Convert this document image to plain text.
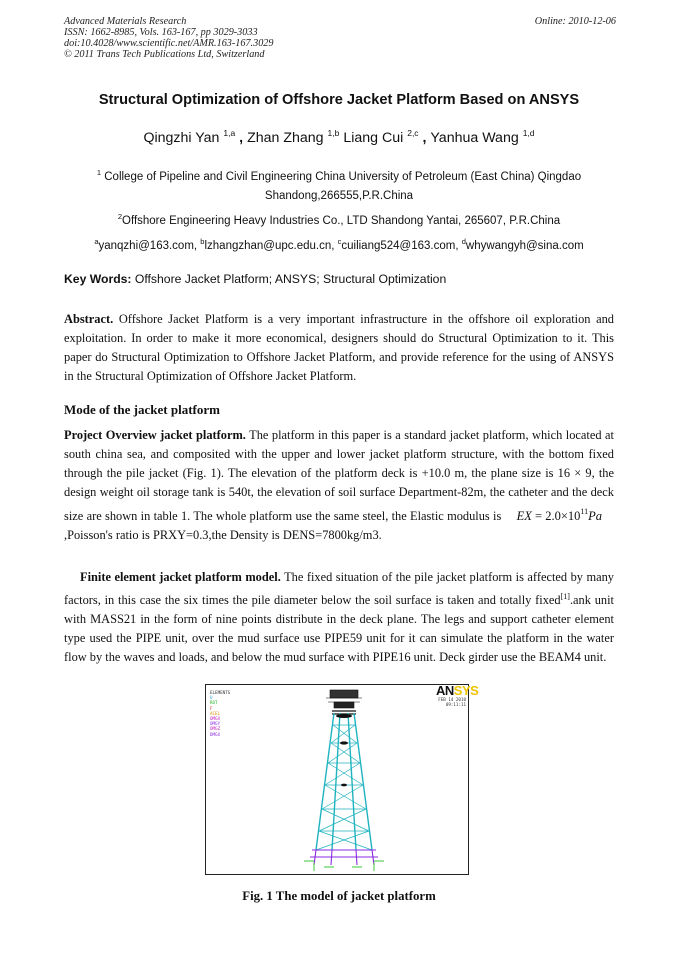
Advanced Materials Research
ISSN: 1662-8985, Vols. 163-167, pp 3029-3033
doi:10.4028/www.scientific.net/AMR.163-167.3029
© 2011 Trans Tech Publications Ltd, Switzerland
Online: 2010-12-06
Structural Optimization of Offshore Jacket Platform Based on ANSYS
Qingzhi Yan $^{1,a}$ , Zhan Zhang $^{1,b}$ Liang Cui $^{2,c}$ , Yanhua Wang $^{1,d}$
$^1$ College of Pipeline and Civil Engineering China University of Petroleum (East China) Qingdao Shandong,266555,P.R.China
$^2$Offshore Engineering Heavy Industries Co., LTD Shandong Yantai, 265607, P.R.China
$^a$yanqzhi@163.com, $^b$lzhangzhan@upc.edu.cn, $^c$cuiliang524@163.com, $^d$whywangyh@sina.com
Key Words: Offshore Jacket Platform; ANSYS; Structural Optimization
Abstract. Offshore Jacket Platform is a very important infrastructure in the offshore oil exploration and exploitation. In order to make it more economical, designers should do Structural Optimization to it. This paper do Structural Optimization to Offshore Jacket Platform, and provide reference for the using of ANSYS in the Structural Optimization of Offshore Jacket Platform.
Mode of the jacket platform
Project Overview jacket platform. The platform in this paper is a standard jacket platform, which located at south china sea, and composited with the upper and lower jacket platform structure, with the bottom fixed through the pile jacket (Fig. 1). The elevation of the platform deck is +10.0 m, the plane size is 16 × 9, the design weight oil storage tank is 540t, the elevation of soil surface Department-82m, the catheter and the deck size are shown in table 1. The whole platform use the same steel, the Elastic modulus is EX = $2.0\times 10^{11}Pa,Poisson's$ ratio is PRXY=0.3,the Density is DENS=7800kg/m3.
Finite element jacket platform model. The fixed situation of the pile jacket platform is affected by many factors, in this case the six times the pile diameter below the soil surface is taken and totally fixed[1].ank unit with MASS21 in the form of nine points distribute in the deck plane. The legs and support catheter element type used the PIPE unit, over the mud surface use PIPE59 unit for it can simulate the platform in the water flow by the waves and loads, and below the mud surface with PIPE16 unit. Deck girder use the BEAM4 unit.
ANSYS
FEB 14 2010
09:11:11
ELEMENTS
U
ROT
F
ACEL
OMGX
OMGY
OMGZ
DMGX
Fig. 1 The model of jacket platform
